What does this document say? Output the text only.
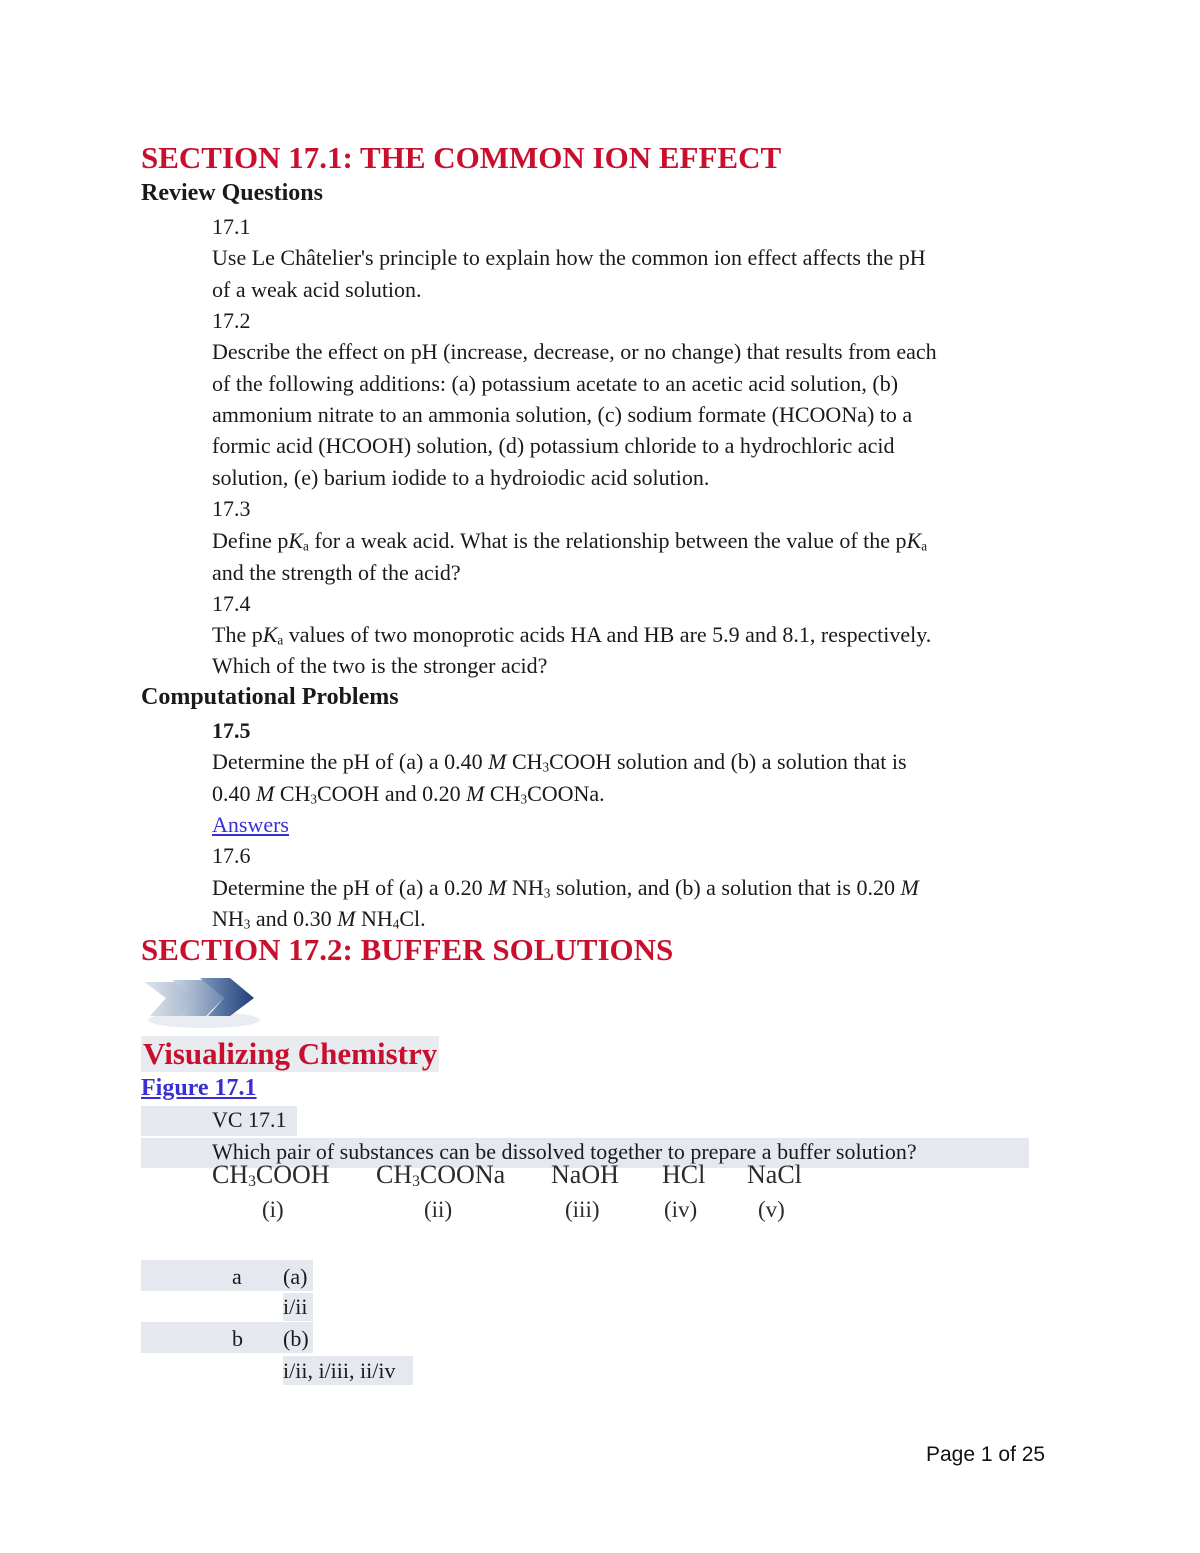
SECTION 17.1: THE COMMON ION EFFECT
Review Questions
17.1
Use Le Châtelier's principle to explain how the common ion effect affects the pH
of a weak acid solution.
17.2
Describe the effect on pH (increase, decrease, or no change) that results from each
of the following additions: (a) potassium acetate to an acetic acid solution, (b)
ammonium nitrate to an ammonia solution, (c) sodium formate (HCOONa) to a
formic acid (HCOOH) solution, (d) potassium chloride to a hydrochloric acid
solution, (e) barium iodide to a hydroiodic acid solution.
17.3
Define $pK_a$ for a weak acid. What is the relationship between the value of the $pK_a$
and the strength of the acid?
17.4
The $pK_a$ values of two monoprotic acids HA and HB are 5.9 and 8.1, respectively.
Which of the two is the stronger acid?
Computational Problems
17.5
Determine the pH of (a) a 0.40 M $CH_3COOH$ solution and (b) a solution that is
0.40 M $CH_3COOH$ and 0.20 M $CH_3COONa$.
Answers
17.6
Determine the pH of (a) a 0.20 M $NH_3$ solution, and (b) a solution that is 0.20 M
$NH_3$ and 0.30 M $NH_4Cl$.
SECTION 17.2: BUFFER SOLUTIONS
Visualizing Chemistry
Figure 17.1
VC 17.1
Which pair of substances can be dissolved together to prepare a buffer solution?
$CH_3COOH$ $CH_3COONa$ NaOH HCl NaCl
(i)	(ii)	(iii)	(iv)	(v)
a (a)
i/ii
b (b)
i/ii, i/iii, ii/iv
Page 1 of 25
